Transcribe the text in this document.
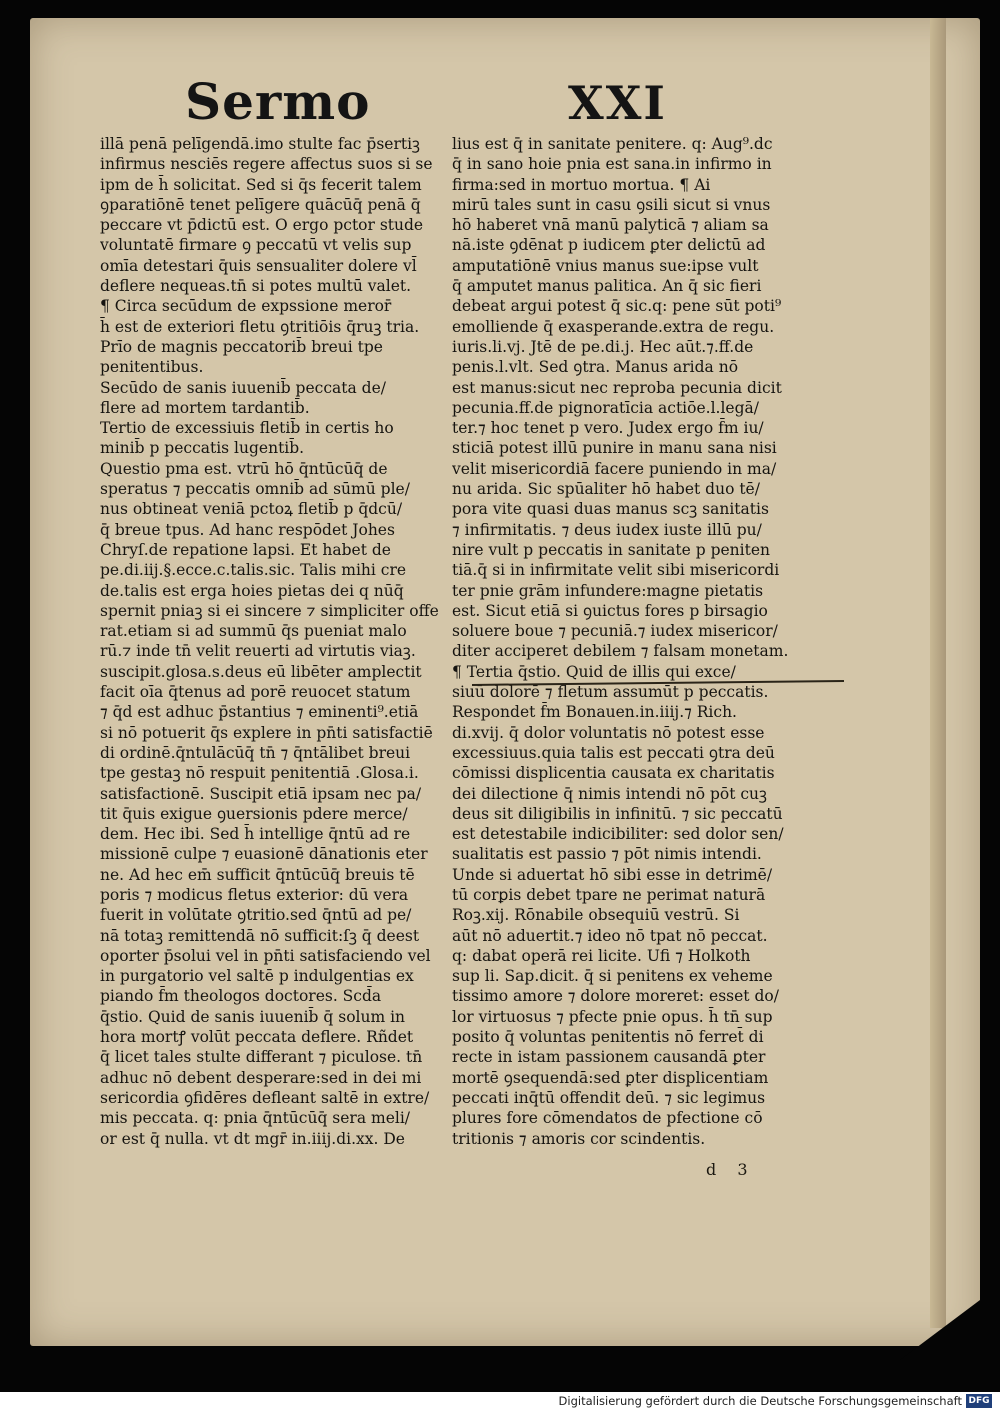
Sermo	XXI
illā penā pelīgendā.imo stulte fac p̄sertiꝫ
infirmus nesciēs regere affectus suos si se
ipm de h̄ solicitat. Sed si q̄s fecerit talem
ꝯparatiōnē tenet pelīgere quācūq̄ penā q̄
peccare vt p̄dictū est. O ergo pctor stude
voluntatē firmare ꝯ peccatū vt velis sup
omīa detestari q̄uis sensualiter dolere vl̄
deflere nequeas.tn̄ si potes multū valet.
¶ Circa secūdum de expssione meror̄
h̄ est de exteriori fletu ꝯtritiōis q̄ruꝫ tria.
Prīo de magnis peccatorib̄ breui tpe
penitentibus.
Secūdo de sanis iuuenib̄ peccata de/
flere ad mortem tardantib̄.
Tertio de excessiuis fletib̄ in certis ho
minib̄ p peccatis lugentib̄.
Questio pma est. vtrū hō q̄ntūcūq̄ de
speratus ⁊ peccatis omnib̄ ad sūmū ple/
nus obtineat veniā pctoꝝ fletib̄ p q̄dcū/
q̄ breue tpus. Ad hanc respōdet Johes
Chryſ.de repatione lapsi. Et habet de
pe.di.iij.§.ecce.c.talis.sic. Talis mihi cre
de.talis est erga hoies pietas dei q nūq̄
spernit pniaꝫ si ei sincere ⁊ simpliciter offe
rat.etiam si ad summū q̄s pueniat malo
rū.⁊ inde tn̄ velit reuerti ad virtutis viaꝫ.
suscipit.glosa.s.deus eū libēter amplectit
facit oīa q̄tenus ad porē reuocet statum
⁊ q̄d est adhuc p̄stantius ⁊ eminenti⁹.etiā
si nō potuerit q̄s explere in pn̄ti satisfactiē
di ordinē.q̄ntulācūq̄ tn̄ ⁊ q̄ntālibet breui
tpe gestaꝫ nō respuit penitentiā .Glosa.i.
satisfactionē. Suscipit etiā ipsam nec pa/
tit q̄uis exigue ꝯuersionis pdere merce/
dem. Hec ibi. Sed h̄ intellige q̄ntū ad re
missionē culpe ⁊ euasionē dānationis eter
ne. Ad hec em̄ sufficit q̄ntūcūq̄ breuis tē
poris ⁊ modicus fletus exterior: dū vera
fuerit in volūtate ꝯtritio.sed q̄ntū ad pe/
nā totaꝫ remittendā nō sufficit:ſꝫ q̄ deest
oporter p̄solui vel in pn̄ti satisfaciendo vel
in purgatorio vel saltē p indulgentias ex
piando f̄m theologos doctores. Scd̄a
q̄stio. Quid de sanis iuuenib̄ q̄ solum in
hora mortꝭ volūt peccata deflere. Rñdet
q̄ licet tales stulte differant ⁊ piculose. tn̄
adhuc nō debent desperare:sed in dei mi
sericordia ꝯfidēres defleant saltē in extre/
mis peccata. q: pnia q̄ntūcūq̄ sera meli/
or est q̄ nulla. vt dt mgr̄ in.iiij.di.xx. De
lius est q̄ in sanitate penitere. q: Aug⁹.dc
q̄ in sano hoie pnia est sana.in infirmo in
firma:sed in mortuo mortua. ¶ Ai
mirū tales sunt in casu ꝯsili sicut si vnus
hō haberet vnā manū palyticā ⁊ aliam sa
nā.iste ꝯdēnat p iudicem ꝑter delictū ad
amputatiōnē vnius manus sue:ipse vult
q̄ amputet manus palitica. An q̄ sic fieri
debeat argui potest q̄ sic.q: pene sūt poti⁹
emolliende q̄ exasperande.extra de regu.
iuris.li.vj. Jtē de pe.di.j. Hec aūt.⁊.ff.de
penis.l.vlt. Sed ꝯtra. Manus arida nō
est manus:sicut nec reproba pecunia dicit
pecunia.ff.de pignoratīcia actiōe.l.legā/
ter.⁊ hoc tenet p vero. Judex ergo f̄m iu/
sticiā potest illū punire in manu sana nisi
velit misericordiā facere puniendo in ma/
nu arida. Sic spūaliter hō habet duo tē/
pora vite quasi duas manus scꝫ sanitatis
⁊ infirmitatis. ⁊ deus iudex iuste illū pu/
nire vult p peccatis in sanitate p peniten
tiā.q̄ si in infirmitate velit sibi misericordi
ter pnie grām infundere:magne pietatis
est. Sicut etiā si ꝯuictus fores p birsagio
soluere boue ⁊ pecuniā.⁊ iudex misericor/
diter acciperet debilem ⁊ falsam monetam.
¶ Tertia q̄stio. Quid de illis qui exce/
siuū dolorē ⁊ fletum assumūt p peccatis.
Respondet f̄m Bonauen.in.iiij.⁊ Rich.
di.xvij. q̄ dolor voluntatis nō potest esse
excessiuus.quia talis est peccati ꝯtra deū
cōmissi displicentia causata ex charitatis
dei dilectione q̄ nimis intendi nō pōt cuꝫ
deus sit diligibilis in infinitū. ⁊ sic peccatū
est detestabile indicibiliter: sed dolor sen/
sualitatis est passio ⁊ pōt nimis intendi.
Unde si aduertat hō sibi esse in detrimē/
tū corꝑis debet tpare ne perimat naturā
Roꝫ.xij. Rōnabile obsequiū vestrū. Si
aūt nō aduertit.⁊ ideo nō tpat nō peccat.
q: dabat operā rei licite. Ufi ⁊ Holkoth
sup li. Sap.dicit. q̄ si penitens ex veheme
tissimo amore ⁊ dolore moreret: esset do/
lor virtuosus ⁊ pfecte pnie opus. h̄ tn̄ sup
posito q̄ voluntas penitentis nō ferret̄ di
recte in istam passionem causandā ꝑter
mortē ꝯsequendā:sed ꝑter displicentiam
peccati inq̄tū offendit deū. ⁊ sic legimus
plures fore cōmendatos de pfectione cō
tritionis ⁊ amoris cor scindentis.
d 3
Digitalisierung gefördert durch die Deutsche Forschungsgemeinschaft DFG
